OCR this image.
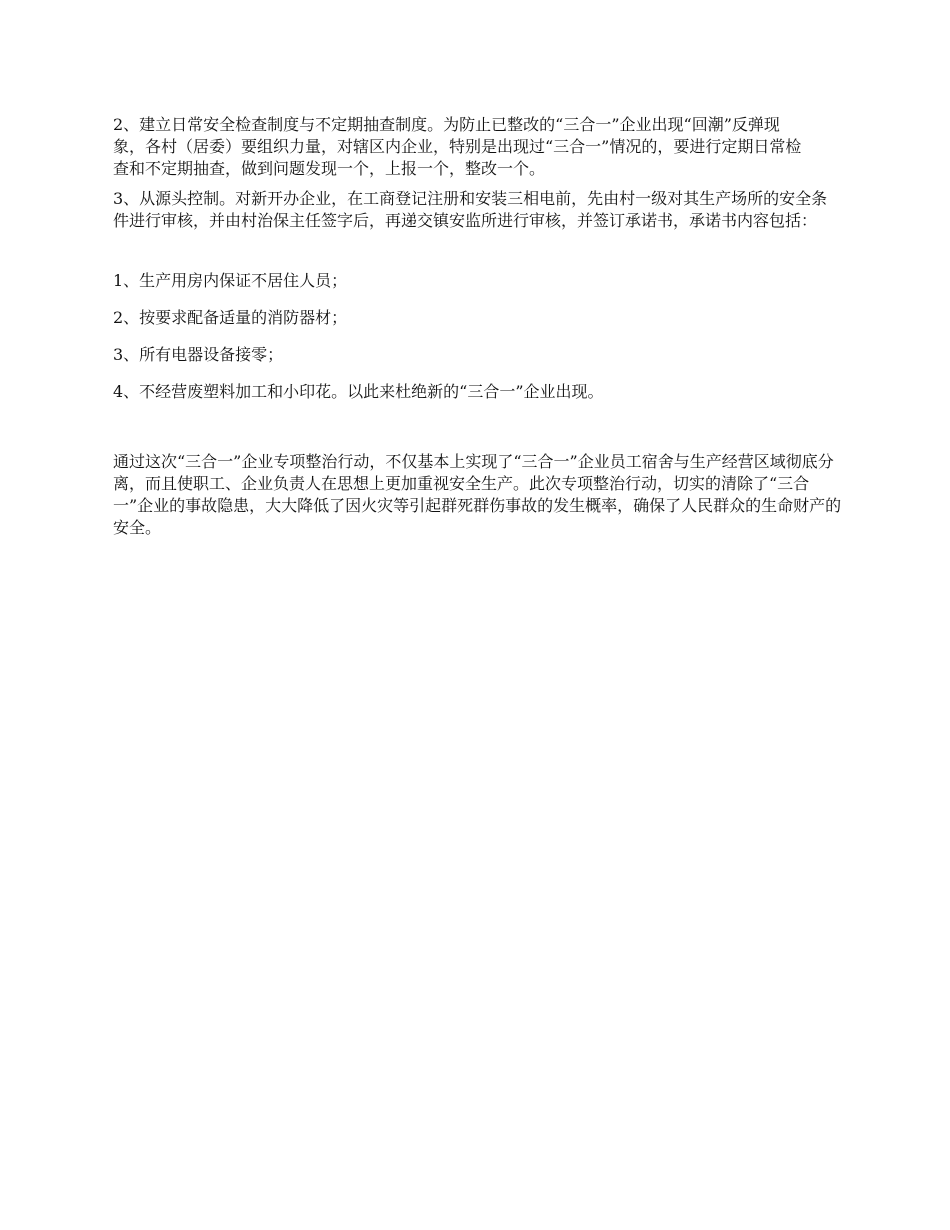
2、建立日常安全检查制度与不定期抽查制度。为防止已整改的“三合一”企业出现“回潮”反弹现象，各村（居委）要组织力量，对辖区内企业，特别是出现过“三合一”情况的，要进行定期日常检查和不定期抽查，做到问题发现一个，上报一个，整改一个。

3、从源头控制。对新开办企业，在工商登记注册和安装三相电前，先由村一级对其生产场所的安全条件进行审核，并由村治保主任签字后，再递交镇安监所进行审核，并签订承诺书，承诺书内容包括：

1、生产用房内保证不居住人员；

2、按要求配备适量的消防器材；

3、所有电器设备接零；

4、不经营废塑料加工和小印花。以此来杜绝新的“三合一”企业出现。

通过这次“三合一”企业专项整治行动，不仅基本上实现了“三合一”企业员工宿舍与生产经营区域彻底分离，而且使职工、企业负责人在思想上更加重视安全生产。此次专项整治行动，切实的清除了“三合一”企业的事故隐患，大大降低了因火灾等引起群死群伤事故的发生概率，确保了人民群众的生命财产的安全。
